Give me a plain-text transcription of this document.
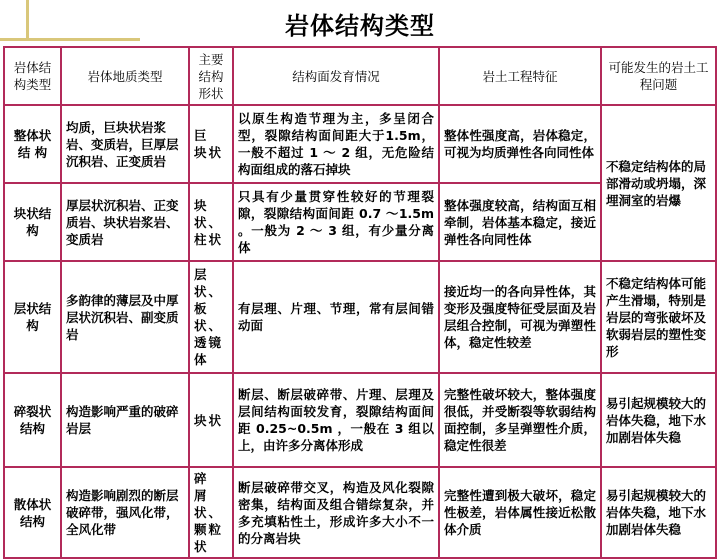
岩体结构类型
岩体结构类型	岩体地质类型	主要结构形状	结构面发育情况	岩土工程特征	可能发生的岩土工程问题
整体状结 构	均质，巨块状岩浆岩、变质岩，巨厚层沉积岩、正变质岩	巨 块状	以原生构造节理为主，多呈闭合型，裂隙结构面间距大于1.5m，一般不超过 1 ～ 2 组，无危险结构面组成的落石掉块	整体性强度高，岩体稳定，可视为均质弹性各向同性体	不稳定结构体的局部滑动或坍塌，深埋洞室的岩爆
块状结构	厚层状沉积岩、正变质岩、块状岩浆岩、变质岩	块 状、柱状	只具有少量贯穿性较好的节理裂隙，裂隙结构面间距 0.7 ～1.5m 。一般为 2 ～ 3 组，有少量分离体	整体强度较高，结构面互相牵制，岩体基本稳定，接近弹性各向同性体	
层状结构	多韵律的薄层及中厚层状沉积岩、副变质岩	层 状、板状、透镜体	有层理、片理、节理，常有层间错动面	接近均一的各向异性体，其变形及强度特征受层面及岩层组合控制，可视为弹塑性体，稳定性较差	不稳定结构体可能产生滑塌，特别是岩层的弯张破坏及软弱岩层的塑性变形
碎裂状结构	构造影响严重的破碎岩层	块状	断层、断层破碎带、片理、层理及层间结构面较发育，裂隙结构面间距 0.25~0.5m ，一般在 3 组以上，由许多分离体形成	完整性破坏较大，整体强度很低，并受断裂等软弱结构面控制，多呈弹塑性介质，稳定性很差	易引起规模较大的岩体失稳，地下水加剧岩体失稳
散体状结构	构造影响剧烈的断层破碎带，强风化带，全风化带	碎 屑状、颗粒状	断层破碎带交叉，构造及风化裂隙密集，结构面及组合错综复杂，并多充填粘性土，形成许多大小不一的分离岩块	完整性遭到极大破坏，稳定性极差，岩体属性接近松散体介质	易引起规模较大的岩体失稳，地下水加剧岩体失稳
